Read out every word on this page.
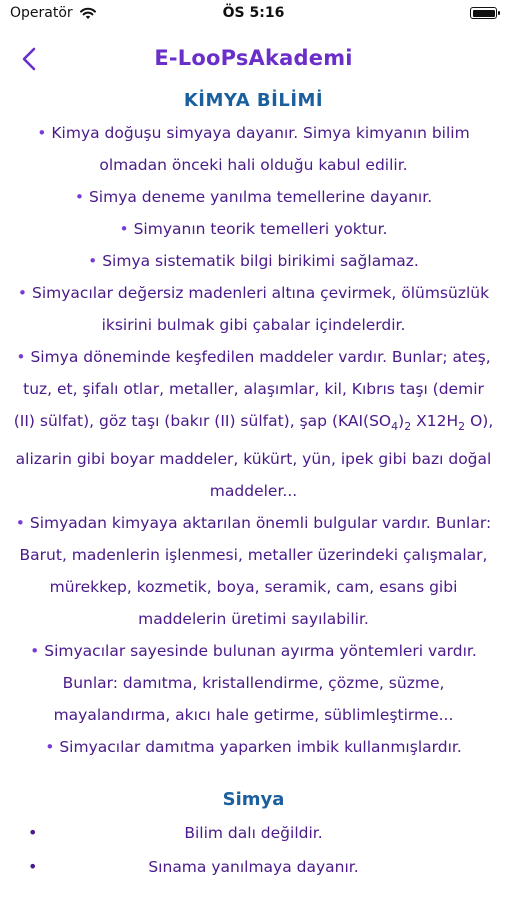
Operatör	ÖS 5:16
E-LooPsAkademi
KİMYA BİLİMİ

• Kimya doğuşu simyaya dayanır. Simya kimyanın bilim olmadan önceki hali olduğu kabul edilir.

• Simya deneme yanılma temellerine dayanır.

• Simyanın teorik temelleri yoktur.

• Simya sistematik bilgi birikimi sağlamaz.

• Simyacılar değersiz madenleri altına çevirmek, ölümsüzlük iksirini bulmak gibi çabalar içindelerdir.

• Simya döneminde keşfedilen maddeler vardır. Bunlar; ateş, tuz, et, şifalı otlar, metaller, alaşımlar, kil, Kıbrıs taşı (demir (II) sülfat), göz taşı (bakır (II) sülfat), şap ($KAI(SO_4)_2$ $X12H_2$ O), alizarin gibi boyar maddeler, kükürt, yün, ipek gibi bazı doğal maddeler...

• Simyadan kimyaya aktarılan önemli bulgular vardır. Bunlar: Barut, madenlerin işlenmesi, metaller üzerindeki çalışmalar, mürekkep, kozmetik, boya, seramik, cam, esans gibi maddelerin üretimi sayılabilir.

• Simyacılar sayesinde bulunan ayırma yöntemleri vardır. Bunlar: damıtma, kristallendirme, çözme, süzme, mayalandırma, akıcı hale getirme, süblimleştirme...

• Simyacılar damıtma yaparken imbik kullanmışlardır.

Simya
•	Bilim dalı değildir.
•	Sınama yanılmaya dayanır.
